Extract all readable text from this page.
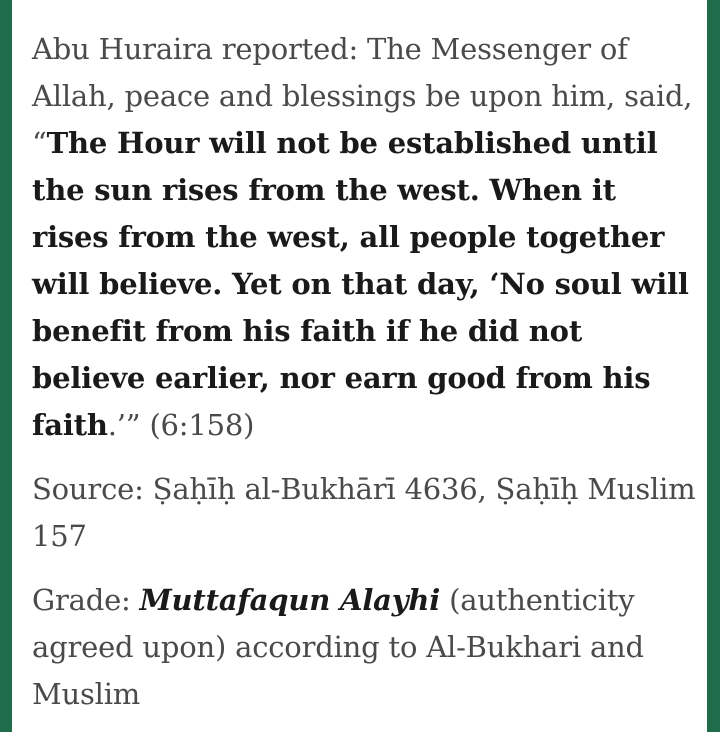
Abu Huraira reported: The Messenger of Allah, peace and blessings be upon him, said, “The Hour will not be established until the sun rises from the west. When it rises from the west, all people together will believe. Yet on that day, ‘No soul will benefit from his faith if he did not believe earlier, nor earn good from his faith.’” (6:158)

Source: Ṣaḥīḥ al-Bukhārī 4636, Ṣaḥīḥ Muslim 157

Grade: Muttafaqun Alayhi (authenticity agreed upon) according to Al-Bukhari and Muslim
